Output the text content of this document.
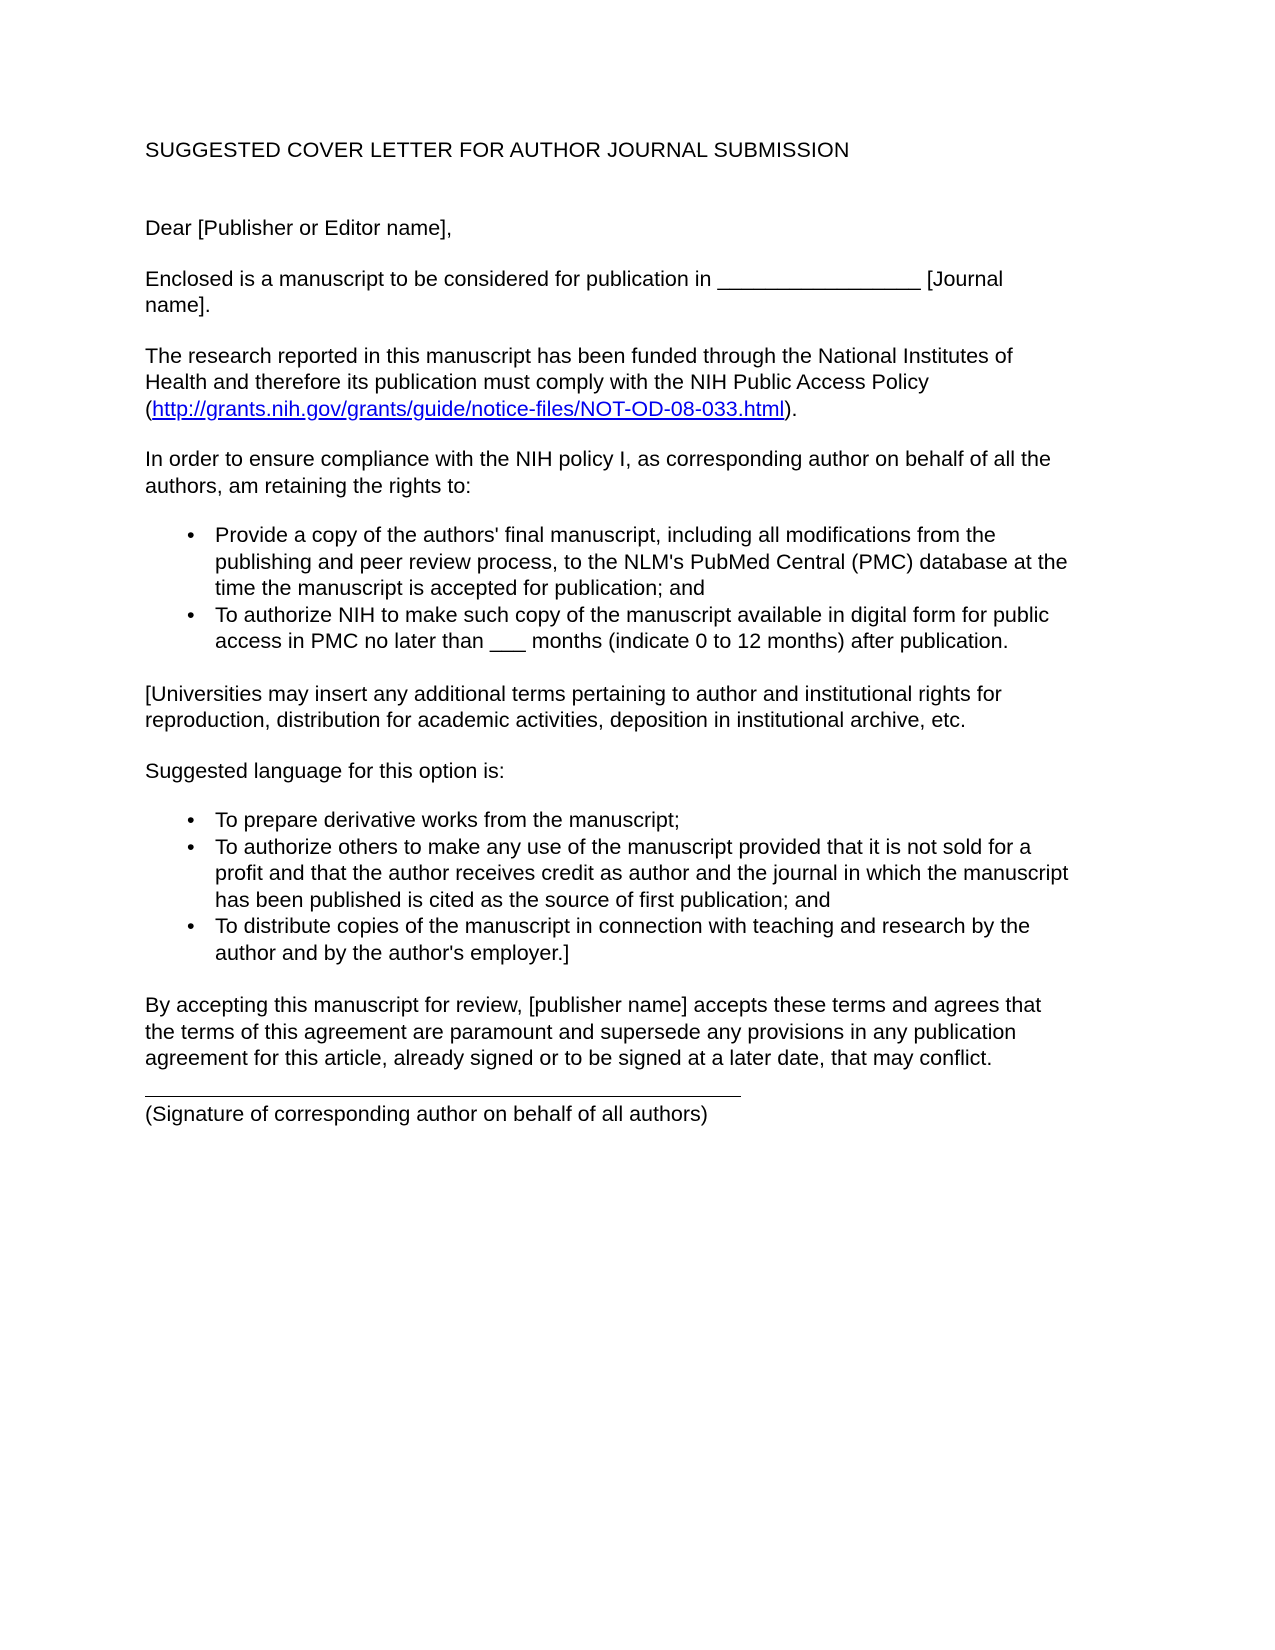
SUGGESTED COVER LETTER FOR AUTHOR JOURNAL SUBMISSION

Dear [Publisher or Editor name],

Enclosed is a manuscript to be considered for publication in _________________ [Journal name].

The research reported in this manuscript has been funded through the National Institutes of Health and therefore its publication must comply with the NIH Public Access Policy (http://grants.nih.gov/grants/guide/notice-files/NOT-OD-08-033.html).

In order to ensure compliance with the NIH policy I, as corresponding author on behalf of all the authors, am retaining the rights to:

• Provide a copy of the authors' final manuscript, including all modifications from the publishing and peer review process, to the NLM's PubMed Central (PMC) database at the time the manuscript is accepted for publication; and
• To authorize NIH to make such copy of the manuscript available in digital form for public access in PMC no later than ___ months (indicate 0 to 12 months) after publication.

[Universities may insert any additional terms pertaining to author and institutional rights for reproduction, distribution for academic activities, deposition in institutional archive, etc.

Suggested language for this option is:

• To prepare derivative works from the manuscript;
• To authorize others to make any use of the manuscript provided that it is not sold for a profit and that the author receives credit as author and the journal in which the manuscript has been published is cited as the source of first publication; and
• To distribute copies of the manuscript in connection with teaching and research by the author and by the author's employer.]

By accepting this manuscript for review, [publisher name] accepts these terms and agrees that the terms of this agreement are paramount and supersede any provisions in any publication agreement for this article, already signed or to be signed at a later date, that may conflict.

(Signature of corresponding author on behalf of all authors)
